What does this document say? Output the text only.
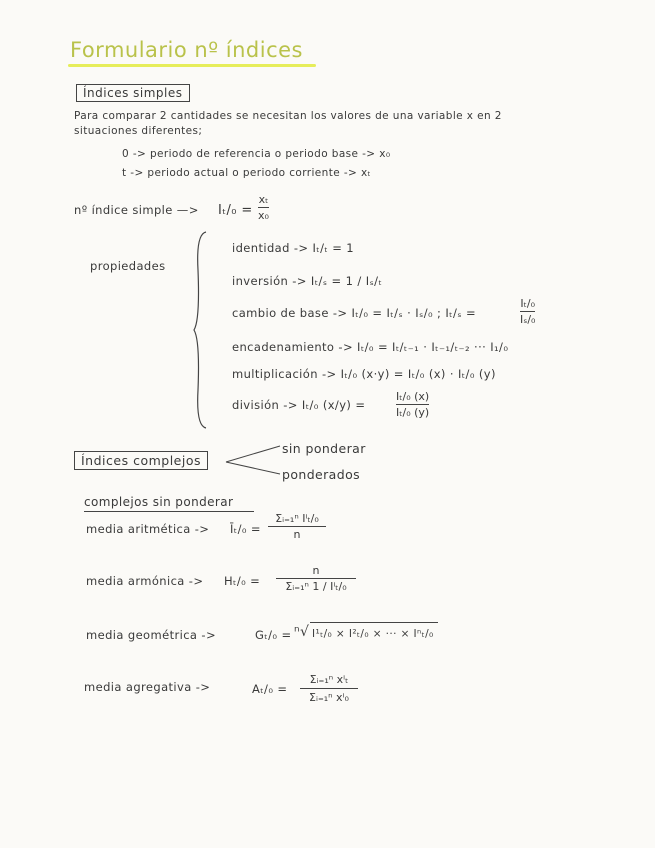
Formulario nº índices
Índices simples
Para comparar 2 cantidades se necesitan los valores de una variable x en 2
situaciones diferentes;
0 -> periodo de referencia o periodo base -> x₀
t -> periodo actual o periodo corriente -> xₜ
nº índice simple —> Iₜ/₀ =
xₜ
x₀
propiedades
identidad -> Iₜ/ₜ = 1
inversión -> Iₜ/ₛ = 1 / Iₛ/ₜ
cambio de base -> Iₜ/₀ = Iₜ/ₛ · Iₛ/₀ ; Iₜ/ₛ =
Iₜ/₀
Iₛ/₀
encadenamiento -> Iₜ/₀ = Iₜ/ₜ₋₁ · Iₜ₋₁/ₜ₋₂ ··· I₁/₀
multiplicación -> Iₜ/₀ (x·y) = Iₜ/₀ (x) · Iₜ/₀ (y)
división -> Iₜ/₀ (x/y) =
Iₜ/₀ (x)
Iₜ/₀ (y)
Índices complejos
sin ponderar
ponderados
complejos sin ponderar
media aritmética -> Īₜ/₀ =
Σᵢ₌₁ⁿ Iⁱₜ/₀
n
media armónica -> Hₜ/₀ =
n
Σᵢ₌₁ⁿ 1 / Iⁱₜ/₀
media geométrica ->	Gₜ/₀ = ⁿ√ I¹ₜ/₀ × I²ₜ/₀ × ··· × Iⁿₜ/₀
media agregativa ->	Aₜ/₀ =
Σᵢ₌₁ⁿ xⁱₜ
Σᵢ₌₁ⁿ xⁱ₀
